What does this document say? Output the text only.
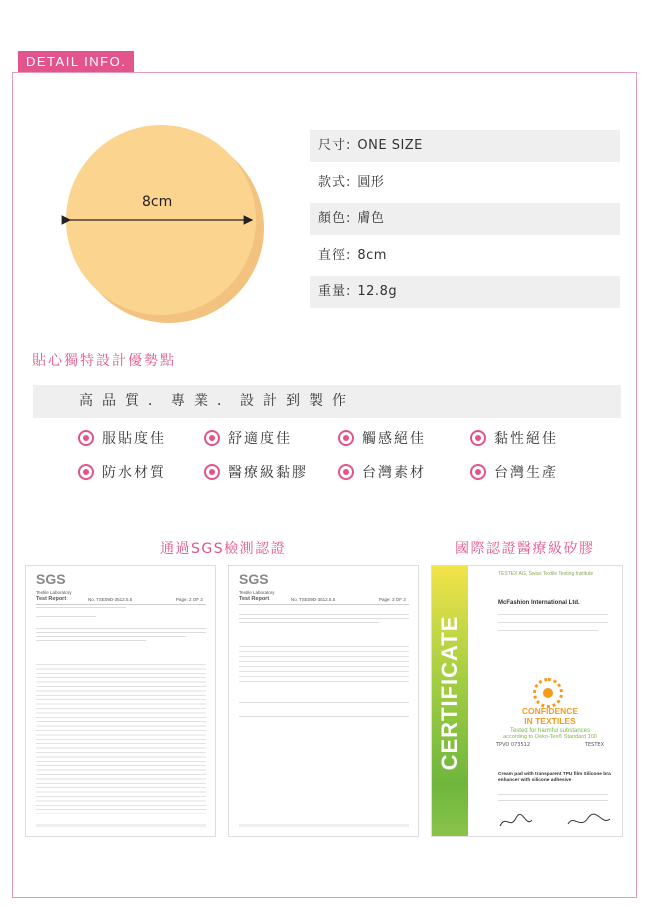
DETAIL INFO.
8cm
尺寸: ONE SIZE
款式: 圓形
顏色: 膚色
直徑: 8cm
重量: 12.8g
貼心獨特設計優勢點
高品質．專業．設計到製作
服貼度佳	舒適度佳	觸感絕佳	黏性絕佳
防水材質	醫療級黏膠	台灣素材	台灣生產
通過SGS檢測認證	國際認證醫療級矽膠
SGS
Textile Laboratory
Test Report	No. TSE09D-3512.5.5	Page: 2 OF 3
SGS
Textile Laboratory
Test Report	No. TSE09D-3512.5.5	Page: 3 OF 3
CERTIFICATE
TESTEX AG, Swiss Textile Testing Institute
McFashion International Ltd.
CONFIDENCE
IN TEXTILES
Tested for harmful substances
according to Oeko-Tex® Standard 100
TPVO 073512	TESTEX
Cream pad with transparent TPU film Silicone bra enhancer with silicone adhesive
